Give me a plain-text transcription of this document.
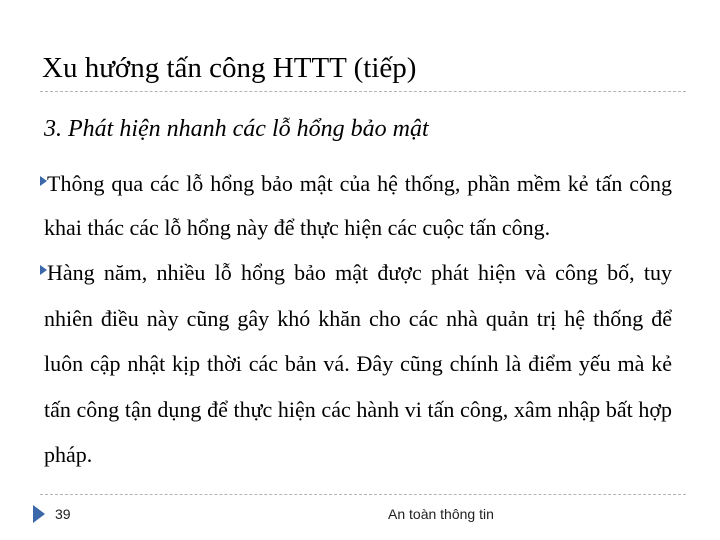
Xu hướng tấn công HTTT (tiếp)
3. Phát hiện nhanh các lỗ hổng bảo mật
Thông qua các lỗ hổng bảo mật của hệ thống, phần mềm kẻ tấn công khai thác các lỗ hổng này để thực hiện các cuộc tấn công.
Hàng năm, nhiều lỗ hổng bảo mật được phát hiện và công bố, tuy nhiên điều này cũng gây khó khăn cho các nhà quản trị hệ thống để luôn cập nhật kịp thời các bản vá. Đây cũng chính là điểm yếu mà kẻ tấn công tận dụng để thực hiện các hành vi tấn công, xâm nhập bất hợp pháp.
39	An toàn thông tin
